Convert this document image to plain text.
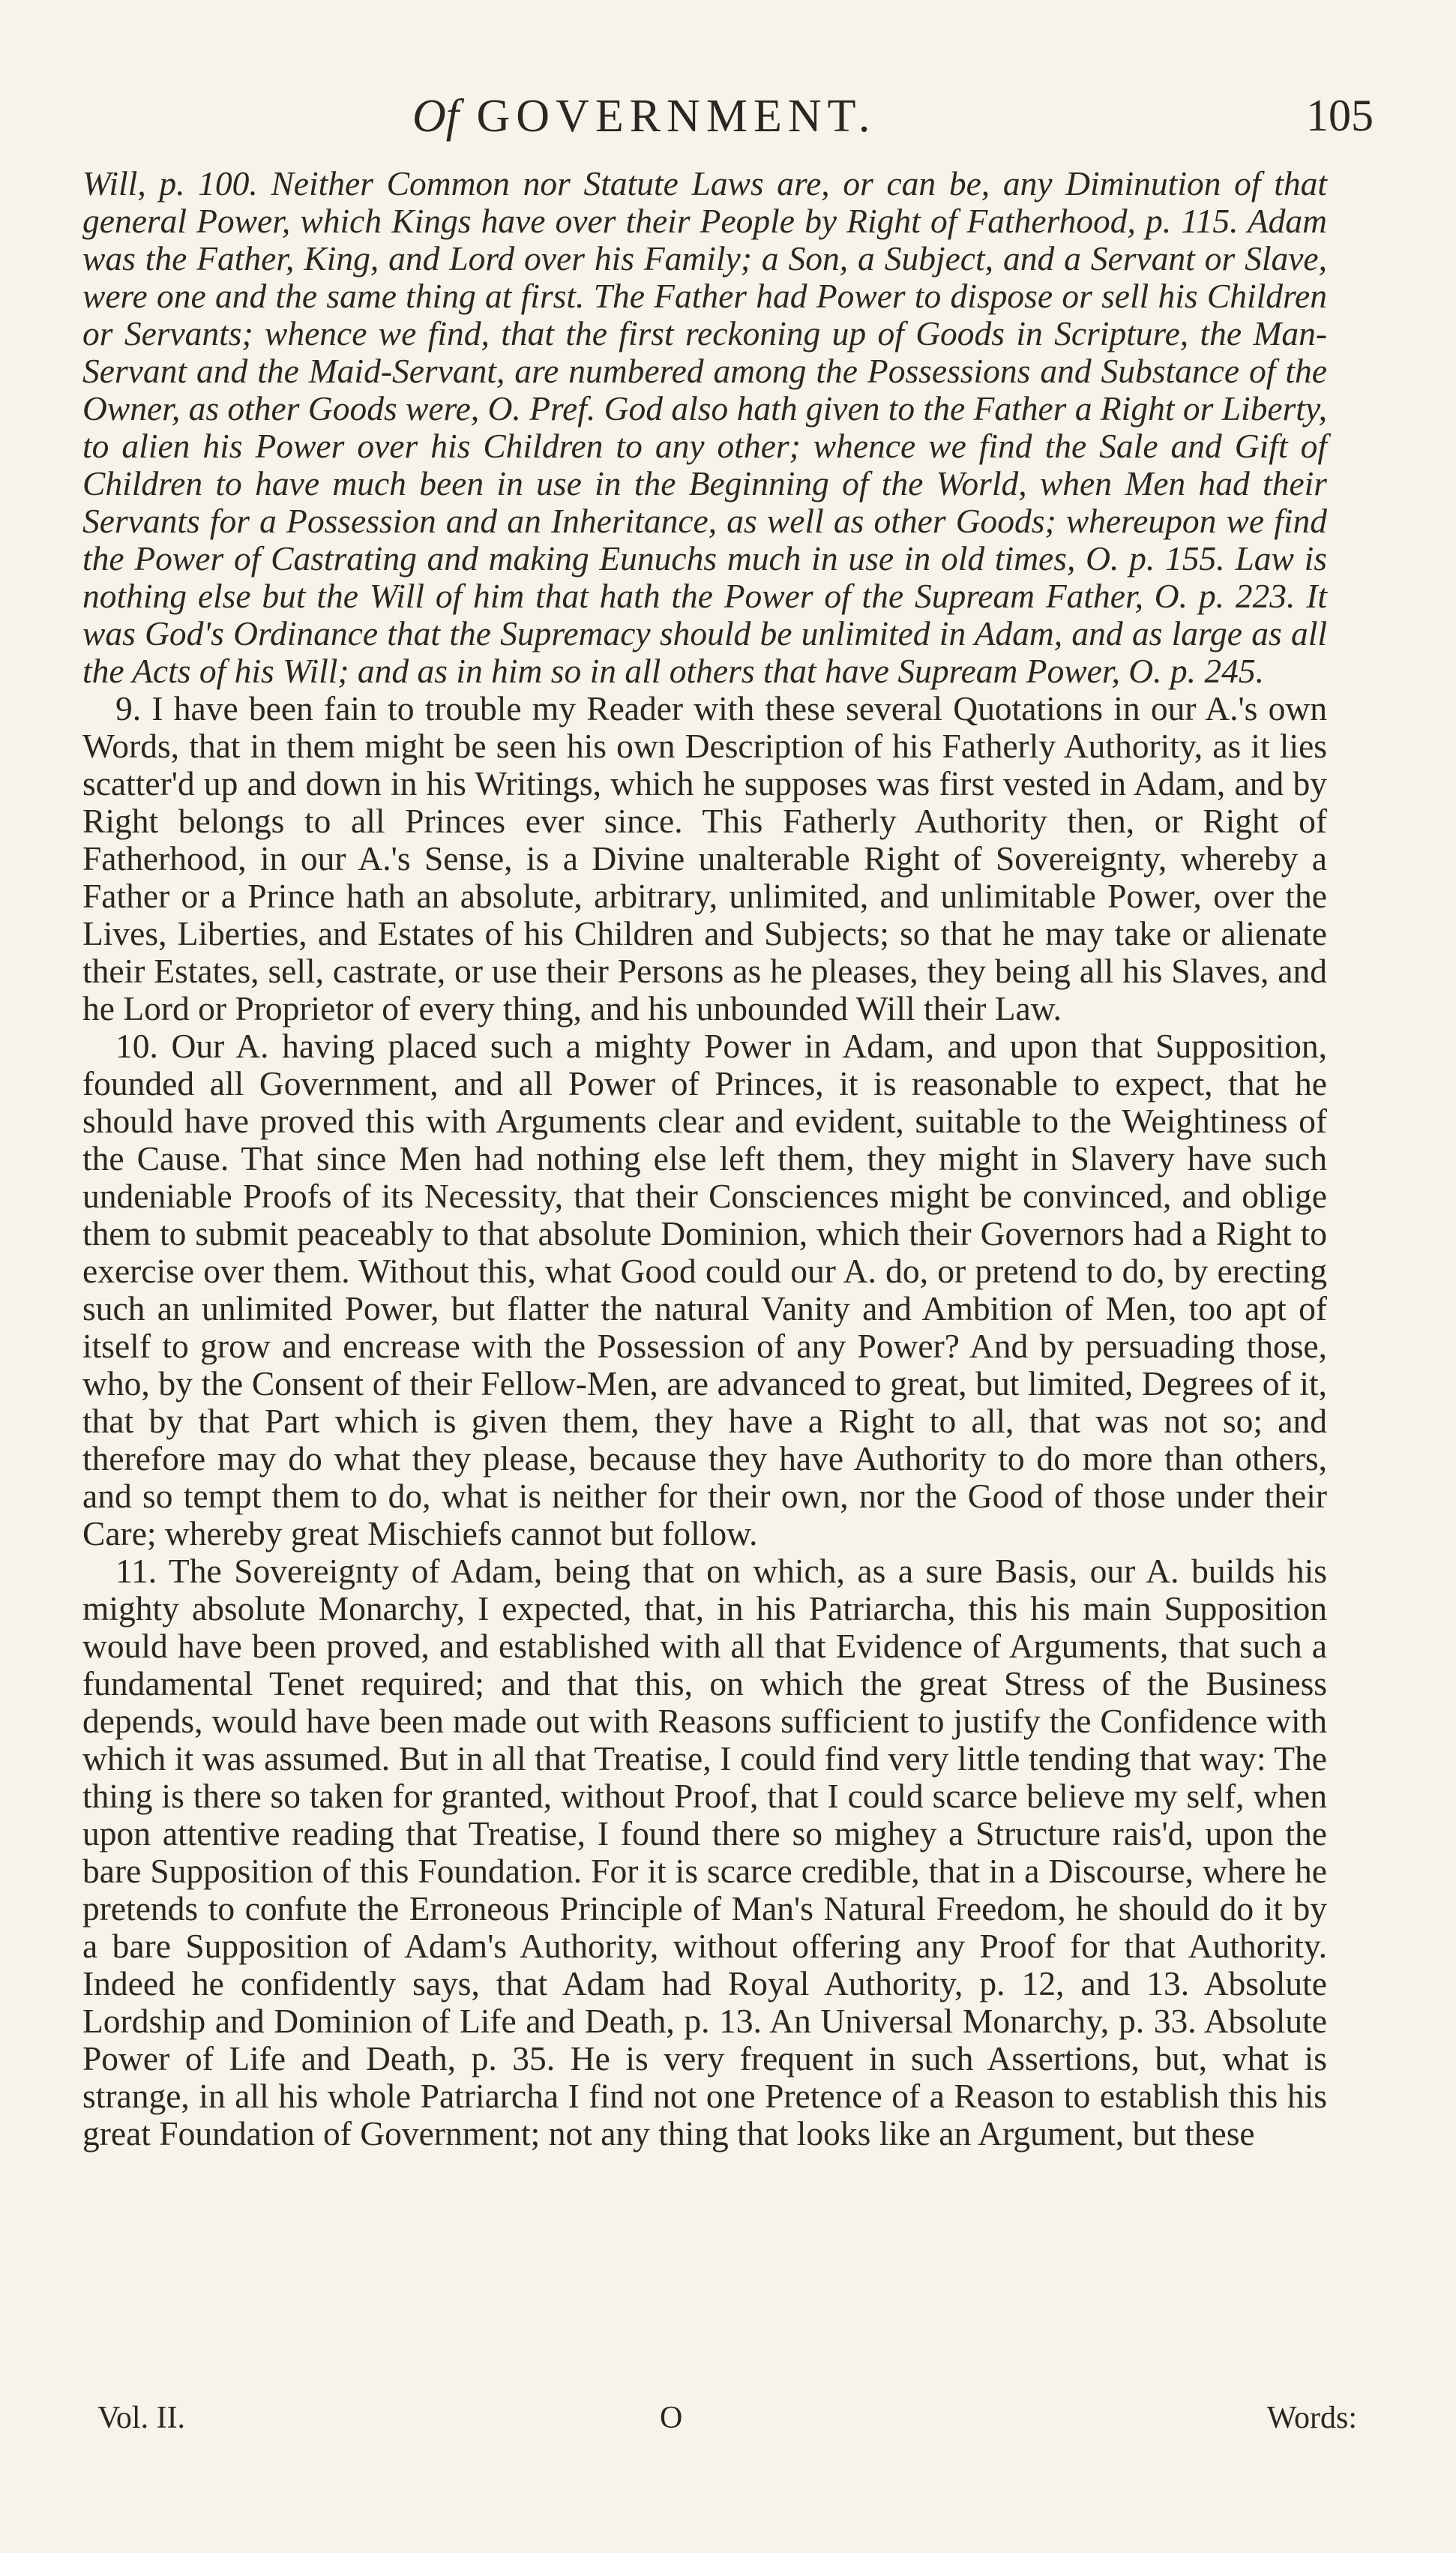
Of GOVERNMENT.	105

Will, p. 100. Neither Common nor Statute Laws are, or can be, any Diminution of that general Power, which Kings have over their People by Right of Fatherhood, p. 115. Adam was the Father, King, and Lord over his Family; a Son, a Subject, and a Servant or Slave, were one and the same thing at first. The Father had Power to dispose or sell his Children or Servants; whence we find, that the first reckoning up of Goods in Scripture, the Man-Servant and the Maid-Servant, are numbered among the Possessions and Substance of the Owner, as other Goods were, O. Pref. God also hath given to the Father a Right or Liberty, to alien his Power over his Children to any other; whence we find the Sale and Gift of Children to have much been in use in the Beginning of the World, when Men had their Servants for a Possession and an Inheritance, as well as other Goods; whereupon we find the Power of Castrating and making Eunuchs much in use in old times, O. p. 155. Law is nothing else but the Will of him that hath the Power of the Supream Father, O. p. 223. It was God's Ordinance that the Supremacy should be unlimited in Adam, and as large as all the Acts of his Will; and as in him so in all others that have Supream Power, O. p. 245.

9. I have been fain to trouble my Reader with these several Quotations in our A.'s own Words, that in them might be seen his own Description of his Fatherly Authority, as it lies scatter'd up and down in his Writings, which he supposes was first vested in Adam, and by Right belongs to all Princes ever since. This Fatherly Authority then, or Right of Fatherhood, in our A.'s Sense, is a Divine unalterable Right of Sovereignty, whereby a Father or a Prince hath an absolute, arbitrary, unlimited, and unlimitable Power, over the Lives, Liberties, and Estates of his Children and Subjects; so that he may take or alienate their Estates, sell, castrate, or use their Persons as he pleases, they being all his Slaves, and he Lord or Proprietor of every thing, and his unbounded Will their Law.

10. Our A. having placed such a mighty Power in Adam, and upon that Supposition, founded all Government, and all Power of Princes, it is reasonable to expect, that he should have proved this with Arguments clear and evident, suitable to the Weightiness of the Cause. That since Men had nothing else left them, they might in Slavery have such undeniable Proofs of its Necessity, that their Consciences might be convinced, and oblige them to submit peaceably to that absolute Dominion, which their Governors had a Right to exercise over them. Without this, what Good could our A. do, or pretend to do, by erecting such an unlimited Power, but flatter the natural Vanity and Ambition of Men, too apt of itself to grow and encrease with the Possession of any Power? And by persuading those, who, by the Consent of their Fellow-Men, are advanced to great, but limited, Degrees of it, that by that Part which is given them, they have a Right to all, that was not so; and therefore may do what they please, because they have Authority to do more than others, and so tempt them to do, what is neither for their own, nor the Good of those under their Care; whereby great Mischiefs cannot but follow.

11. The Sovereignty of Adam, being that on which, as a sure Basis, our A. builds his mighty absolute Monarchy, I expected, that, in his Patriarcha, this his main Supposition would have been proved, and established with all that Evidence of Arguments, that such a fundamental Tenet required; and that this, on which the great Stress of the Business depends, would have been made out with Reasons sufficient to justify the Confidence with which it was assumed. But in all that Treatise, I could find very little tending that way: The thing is there so taken for granted, without Proof, that I could scarce believe my self, when upon attentive reading that Treatise, I found there so mighey a Structure rais'd, upon the bare Supposition of this Foundation. For it is scarce credible, that in a Discourse, where he pretends to confute the Erroneous Principle of Man's Natural Freedom, he should do it by a bare Supposition of Adam's Authority, without offering any Proof for that Authority. Indeed he confidently says, that Adam had Royal Authority, p. 12, and 13. Absolute Lordship and Dominion of Life and Death, p. 13. An Universal Monarchy, p. 33. Absolute Power of Life and Death, p. 35. He is very frequent in such Assertions, but, what is strange, in all his whole Patriarcha I find not one Pretence of a Reason to establish this his great Foundation of Government; not any thing that looks like an Argument, but these

Vol. II.	O	Words:
